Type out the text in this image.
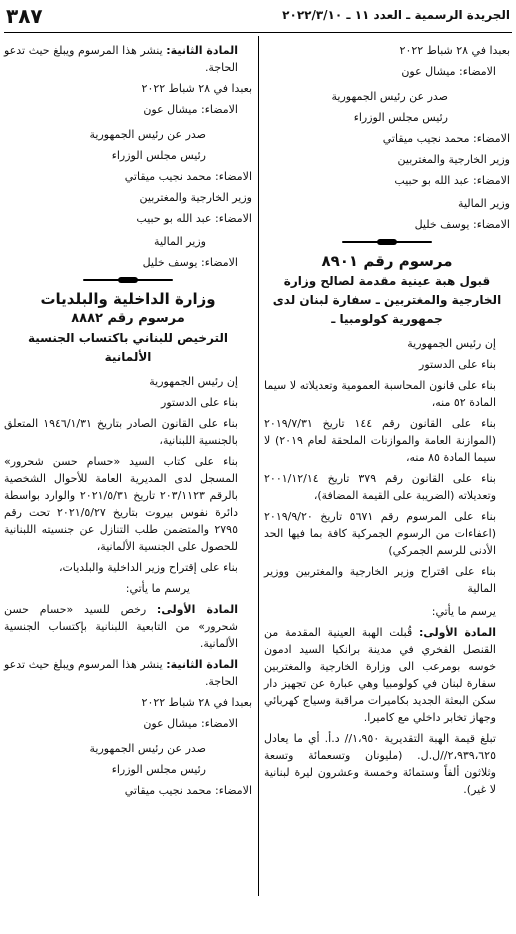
الجريدة الرسمية ـ العدد ١١ ـ ٢٠٢٢/٣/١٠
٣٨٧

بعبدا في ٢٨ شباط ٢٠٢٢

الامضاء: ميشال عون

صدر عن رئيس الجمهورية

رئيس مجلس الوزراء

الامضاء: محمد نجيب ميقاتي

وزير الخارجية والمغتربين

الامضاء: عبد الله بو حبيب

وزير المالية

الامضاء: يوسف خليل

مرسوم رقم ٨٩٠١

قبول هبة عينية مقدمة لصالح وزارة الخارجية والمغتربين ـ سفارة لبنان لدى جمهورية كولومبيا ـ

إن رئيس الجمهورية

بناء على الدستور

بناء على قانون المحاسبة العمومية وتعديلاته لا سيما المادة ٥٢ منه،

بناء على القانون رقم ١٤٤ تاريخ ٢٠١٩/٧/٣١ (الموازنة العامة والموازنات الملحقة لعام ٢٠١٩) لا سيما المادة ٨٥ منه،

بناء على القانون رقم ٣٧٩ تاريخ ٢٠٠١/١٢/١٤ وتعديلاته (الضريبة على القيمة المضافة)،

بناء على المرسوم رقم ٥٦٧١ تاريخ ٢٠١٩/٩/٢٠ (اعفاءات من الرسوم الجمركية كافة بما فيها الحد الأدنى للرسم الجمركي)

بناء على اقتراح وزير الخارجية والمغتربين ووزير المالية

يرسم ما يأتي:

المادة الأولى: قُبلت الهبة العينية المقدمة من القنصل الفخري في مدينة برانكيا السيد ادمون خوسه بومرعب الى وزارة الخارجية والمغتربين سفارة لبنان في كولومبيا وهي عبارة عن تجهيز دار سكن البعثة الجديد بكاميرات مراقبة وسياج كهربائي وجهاز تخابر داخلي مع كاميرا.

تبلغ قيمة الهبة التقديرية ١،٩٥٠// د.أ. أي ما يعادل ٢،٩٣٩،٦٢٥//ل.ل. (مليونان وتسعمائة وتسعة وثلاثون ألفاً وستمائة وخمسة وعشرون ليرة لبنانية لا غير).

المادة الثانية: ينشر هذا المرسوم ويبلغ حيث تدعو الحاجة.

بعبدا في ٢٨ شباط ٢٠٢٢

الامضاء: ميشال عون

صدر عن رئيس الجمهورية

رئيس مجلس الوزراء

الامضاء: محمد نجيب ميقاتي

وزير الخارجية والمغتربين

الامضاء: عبد الله بو حبيب

وزير المالية

الامضاء: يوسف خليل

وزارة الداخلية والبلديات

مرسوم رقم ٨٨٨٢

الترخيص للبناني باكتساب الجنسية الألمانية

إن رئيس الجمهورية

بناء على الدستور

بناء على القانون الصادر بتاريخ ١٩٤٦/١/٣١ المتعلق بالجنسية اللبنانية،

بناء على كتاب السيد «حسام حسن شحرور» المسجل لدى المديرية العامة للأحوال الشخصية بالرقم ٢٠٣/١١٢٣ تاريخ ٢٠٢١/٥/٣١ والوارد بواسطة دائرة نفوس بيروت بتاريخ ٢٠٢١/٥/٢٧ تحت رقم ٢٧٩٥ والمتضمن طلب التنازل عن جنسيته اللبنانية للحصول على الجنسية الألمانية،

بناء على إقتراح وزير الداخلية والبلديات،

يرسم ما يأتي:

المادة الأولى: رخص للسيد «حسام حسن شحرور» من التابعية اللبنانية بإكتساب الجنسية الألمانية.

المادة الثانية: ينشر هذا المرسوم ويبلغ حيث تدعو الحاجة.

بعبدا في ٢٨ شباط ٢٠٢٢

الامضاء: ميشال عون

صدر عن رئيس الجمهورية

رئيس مجلس الوزراء

الامضاء: محمد نجيب ميقاتي
